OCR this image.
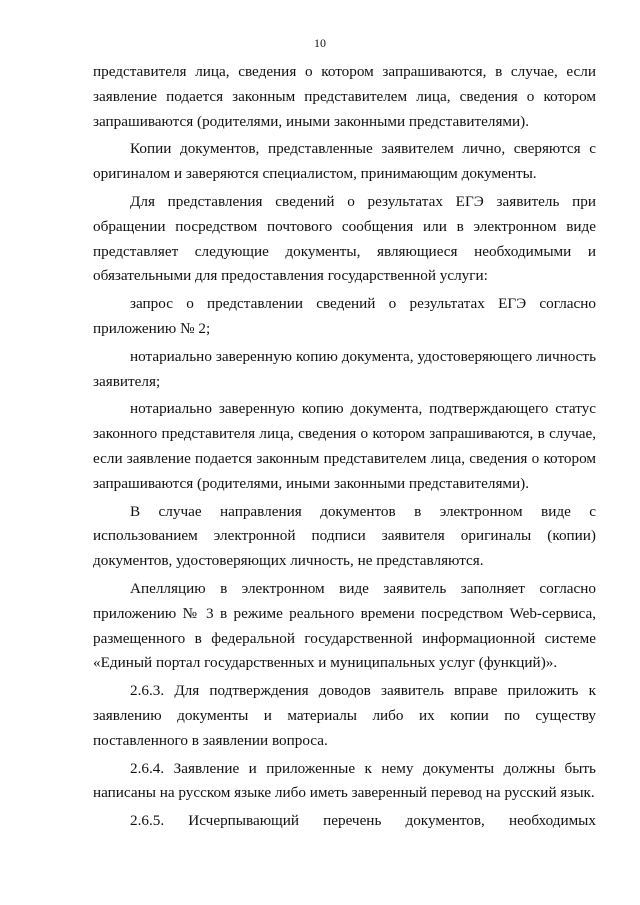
10

представителя лица, сведения о котором запрашиваются, в случае, если заявление подается законным представителем лица, сведения о котором запрашиваются (родителями, иными законными представителями).

Копии документов, представленные заявителем лично, сверяются с оригиналом и заверяются специалистом, принимающим документы.

Для представления сведений о результатах ЕГЭ заявитель при обращении посредством почтового сообщения или в электронном виде представляет следующие документы, являющиеся необходимыми и обязательными для предоставления государственной услуги:

запрос о представлении сведений о результатах ЕГЭ согласно приложению № 2;

нотариально заверенную копию документа, удостоверяющего личность заявителя;

нотариально заверенную копию документа, подтверждающего статус законного представителя лица, сведения о котором запрашиваются, в случае, если заявление подается законным представителем лица, сведения о котором запрашиваются (родителями, иными законными представителями).

В случае направления документов в электронном виде с использованием электронной подписи заявителя оригиналы (копии) документов, удостоверяющих личность, не представляются.

Апелляцию в электронном виде заявитель заполняет согласно приложению № 3 в режиме реального времени посредством Web-сервиса, размещенного в федеральной государственной информационной системе «Единый портал государственных и муниципальных услуг (функций)».

2.6.3. Для подтверждения доводов заявитель вправе приложить к заявлению документы и материалы либо их копии по существу поставленного в заявлении вопроса.

2.6.4. Заявление и приложенные к нему документы должны быть написаны на русском языке либо иметь заверенный перевод на русский язык.

2.6.5. Исчерпывающий перечень документов, необходимых
